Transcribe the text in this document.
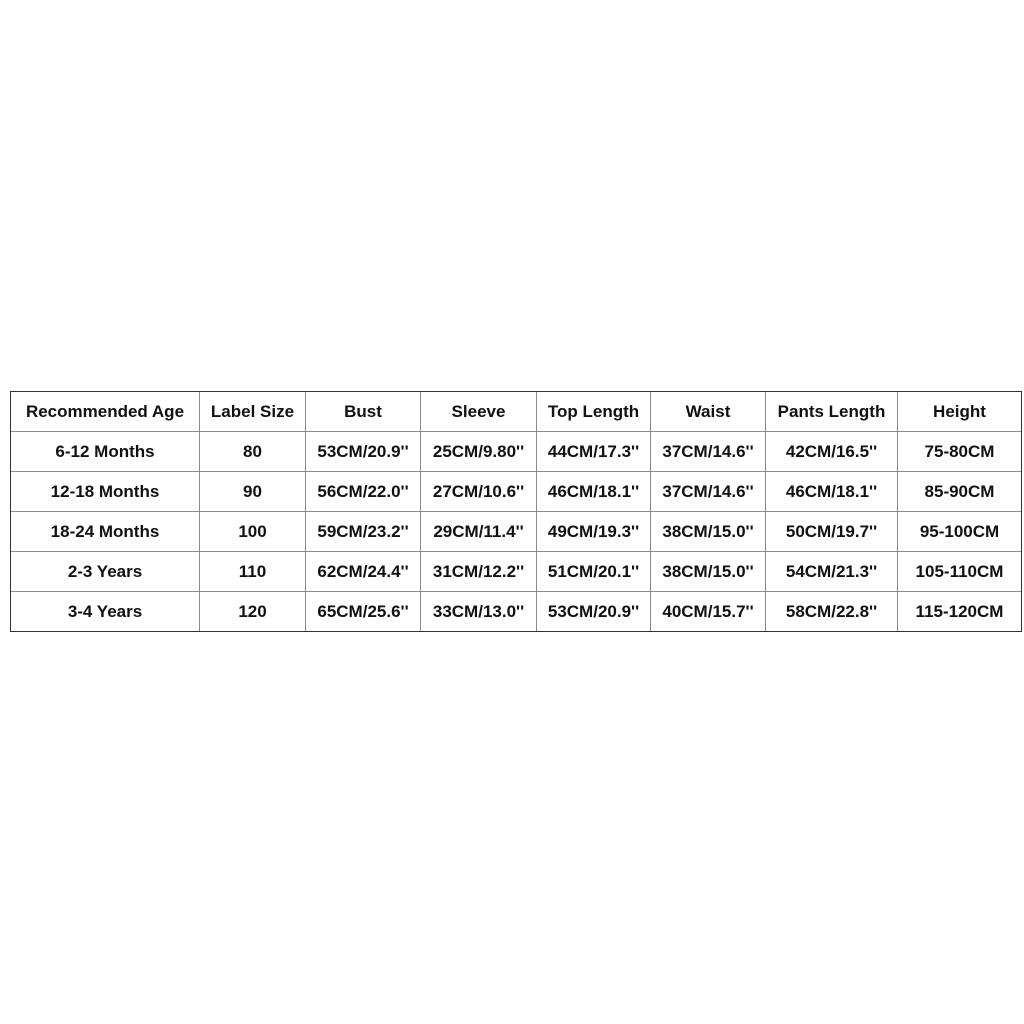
Recommended Age	Label Size	Bust	Sleeve	Top Length	Waist	Pants Length	Height
6-12 Months	80	53CM/20.9''	25CM/9.80''	44CM/17.3''	37CM/14.6''	42CM/16.5''	75-80CM
12-18 Months	90	56CM/22.0''	27CM/10.6''	46CM/18.1''	37CM/14.6''	46CM/18.1''	85-90CM
18-24 Months	100	59CM/23.2''	29CM/11.4''	49CM/19.3''	38CM/15.0''	50CM/19.7''	95-100CM
2-3 Years	110	62CM/24.4''	31CM/12.2''	51CM/20.1''	38CM/15.0''	54CM/21.3''	105-110CM
3-4 Years	120	65CM/25.6''	33CM/13.0''	53CM/20.9''	40CM/15.7''	58CM/22.8''	115-120CM
